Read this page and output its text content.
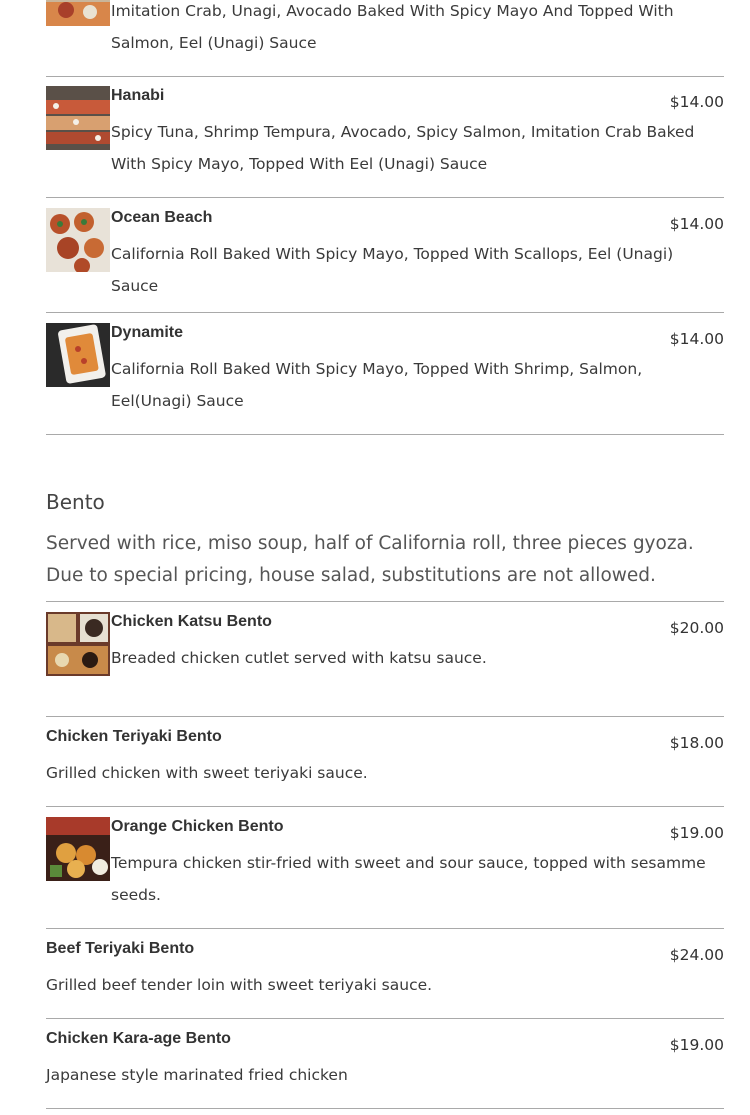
Imitation Crab, Unagi, Avocado Baked With Spicy Mayo And Topped With Salmon, Eel (Unagi) Sauce

Hanabi	$14.00

Spicy Tuna, Shrimp Tempura, Avocado, Spicy Salmon, Imitation Crab Baked With Spicy Mayo, Topped With Eel (Unagi) Sauce

Ocean Beach	$14.00

California Roll Baked With Spicy Mayo, Topped With Scallops, Eel (Unagi) Sauce

Dynamite	$14.00

California Roll Baked With Spicy Mayo, Topped With Shrimp, Salmon, Eel(Unagi) Sauce

Bento

Served with rice, miso soup, half of California roll, three pieces gyoza. Due to special pricing, house salad, substitutions are not allowed.

Chicken Katsu Bento	$20.00

Breaded chicken cutlet served with katsu sauce.

Chicken Teriyaki Bento	$18.00

Grilled chicken with sweet teriyaki sauce.

Orange Chicken Bento	$19.00

Tempura chicken stir-fried with sweet and sour sauce, topped with sesamme seeds.

Beef Teriyaki Bento	$24.00

Grilled beef tender loin with sweet teriyaki sauce.

Chicken Kara-age Bento	$19.00

Japanese style marinated fried chicken
